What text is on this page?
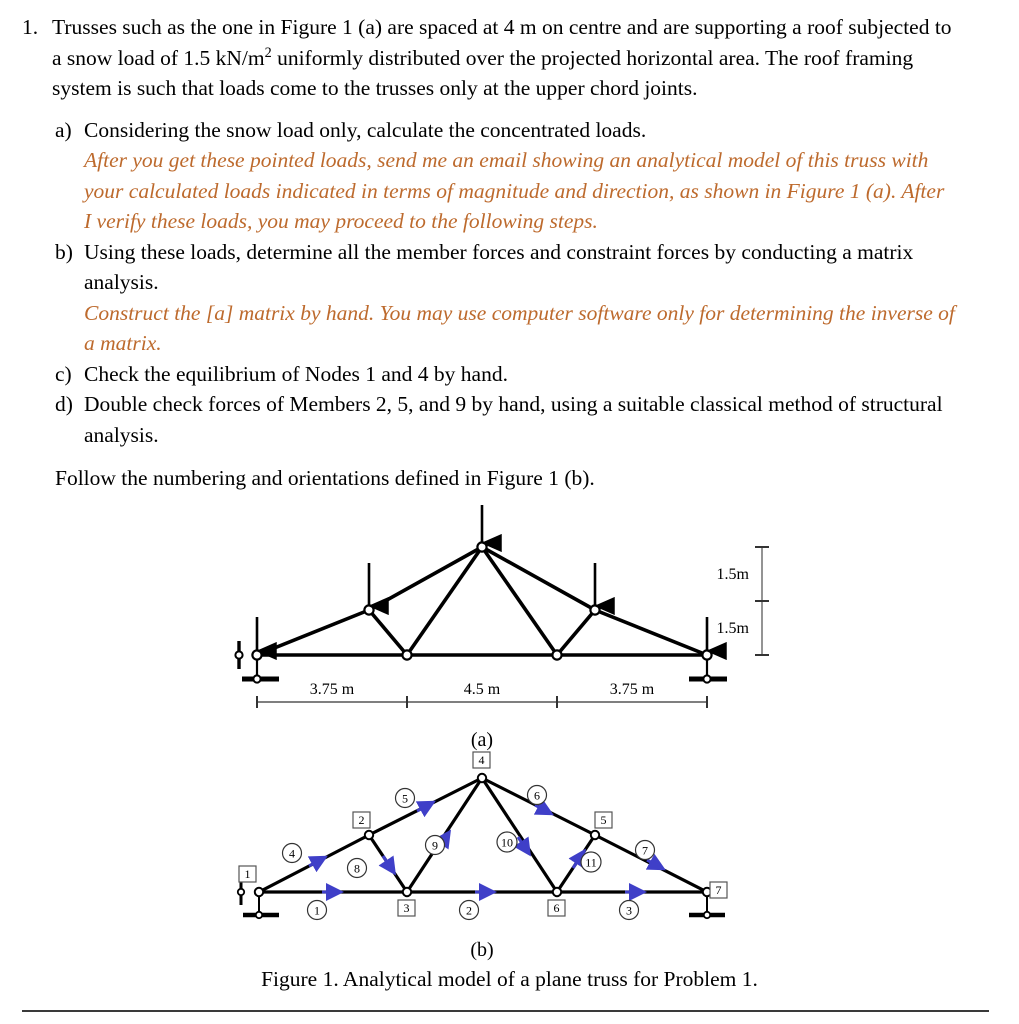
1. Trusses such as the one in Figure 1 (a) are spaced at 4 m on centre and are supporting a roof subjected to a snow load of 1.5 $kN/m^2$ uniformly distributed over the projected horizontal area. The roof framing system is such that loads come to the trusses only at the upper chord joints.

a) Considering the snow load only, calculate the concentrated loads.
After you get these pointed loads, send me an email showing an analytical model of this truss with your calculated loads indicated in terms of magnitude and direction, as shown in Figure 1 (a). After I verify these loads, you may proceed to the following steps.
b) Using these loads, determine all the member forces and constraint forces by conducting a matrix analysis.
Construct the [a] matrix by hand. You may use computer software only for determining the inverse of a matrix.
c) Check the equilibrium of Nodes 1 and 4 by hand.
d) Double check forces of Members 2, 5, and 9 by hand, using a suitable classical method of structural analysis.
Follow the numbering and orientations defined in Figure 1 (b).
3.75 m	4.5 m	3.75 m
1.5m
1.5m
(a)
1
2
3
4
5
6
7
1	2	3
4
5	6
7
8
9	10
11
(b)
Figure 1. Analytical model of a plane truss for Problem 1.
